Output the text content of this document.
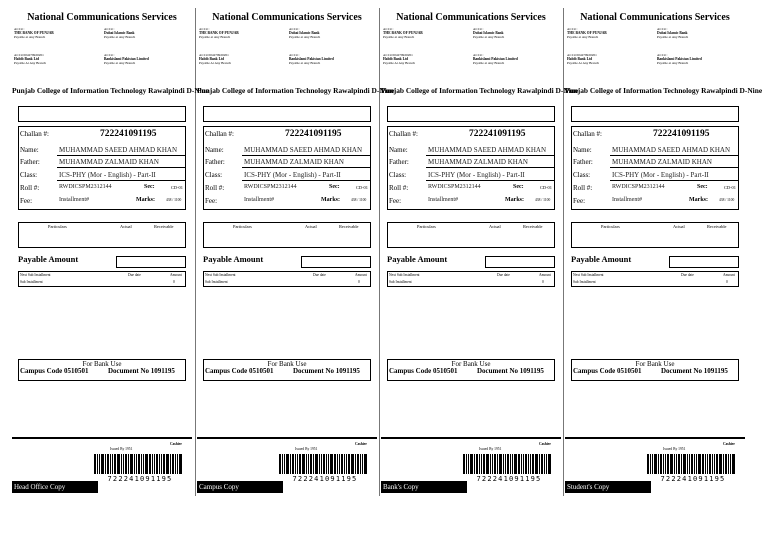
National Communications Services
ACC# :
THE BANK OF PUNJAB
Payable at Any Branch
ACC# :
Dubai Islamic Bank
Payable at Any Branch
ACC# 004279920201
Habib Bank Ltd
Payable At Any Branch
ACC# :
Bankislami Pakistan Limited
Payable at Any Branch
Punjab College of Information Technology Rawalpindi D-Nine
Challan #:	722241091195
Name:	MUHAMMAD SAEED AHMAD KHAN
Father:	MUHAMMAD ZALMAID KHAN
Class:	ICS-PHY (Mor - English) - Part-II
Roll #:	RWDICSPM2312144	Sec:	CD-01
Fee:	Installment#	Marks:	438 / 1100
Particulars	Actual	Receivable
Payable Amount
Next Sub Installment	Due date	Amount
Sub Installment	0
For Bank Use
Campus Code 0510501	Document No 1091195
Issued By 1951
Cashier
722241091195
Head Office Copy
National Communications Services
ACC# :
THE BANK OF PUNJAB
Payable at Any Branch
ACC# :
Dubai Islamic Bank
Payable at Any Branch
ACC# 004279920201
Habib Bank Ltd
Payable At Any Branch
ACC# :
Bankislami Pakistan Limited
Payable at Any Branch
Punjab College of Information Technology Rawalpindi D-Nine
Challan #:	722241091195
Name:	MUHAMMAD SAEED AHMAD KHAN
Father:	MUHAMMAD ZALMAID KHAN
Class:	ICS-PHY (Mor - English) - Part-II
Roll #:	RWDICSPM2312144	Sec:	CD-01
Fee:	Installment#	Marks:	438 / 1100
Particulars	Actual	Receivable
Payable Amount
Next Sub Installment	Due date	Amount
Sub Installment	0
For Bank Use
Campus Code 0510501	Document No 1091195
Issued By 1951
Cashier
722241091195
Campus Copy
National Communications Services
ACC# :
THE BANK OF PUNJAB
Payable at Any Branch
ACC# :
Dubai Islamic Bank
Payable at Any Branch
ACC# 004279920201
Habib Bank Ltd
Payable At Any Branch
ACC# :
Bankislami Pakistan Limited
Payable at Any Branch
Punjab College of Information Technology Rawalpindi D-Nine
Challan #:	722241091195
Name:	MUHAMMAD SAEED AHMAD KHAN
Father:	MUHAMMAD ZALMAID KHAN
Class:	ICS-PHY (Mor - English) - Part-II
Roll #:	RWDICSPM2312144	Sec:	CD-01
Fee:	Installment#	Marks:	438 / 1100
Particulars	Actual	Receivable
Payable Amount
Next Sub Installment	Due date	Amount
Sub Installment	0
For Bank Use
Campus Code 0510501	Document No 1091195
Issued By 1951
Cashier
722241091195
Bank's Copy
National Communications Services
ACC# :
THE BANK OF PUNJAB
Payable at Any Branch
ACC# :
Dubai Islamic Bank
Payable at Any Branch
ACC# 004279920201
Habib Bank Ltd
Payable At Any Branch
ACC# :
Bankislami Pakistan Limited
Payable at Any Branch
Punjab College of Information Technology Rawalpindi D-Nine
Challan #:	722241091195
Name:	MUHAMMAD SAEED AHMAD KHAN
Father:	MUHAMMAD ZALMAID KHAN
Class:	ICS-PHY (Mor - English) - Part-II
Roll #:	RWDICSPM2312144	Sec:	CD-01
Fee:	Installment#	Marks:	438 / 1100
Particulars	Actual	Receivable
Payable Amount
Next Sub Installment	Due date	Amount
Sub Installment	0
For Bank Use
Campus Code 0510501	Document No 1091195
Issued By 1951
Cashier
722241091195
Student's Copy
